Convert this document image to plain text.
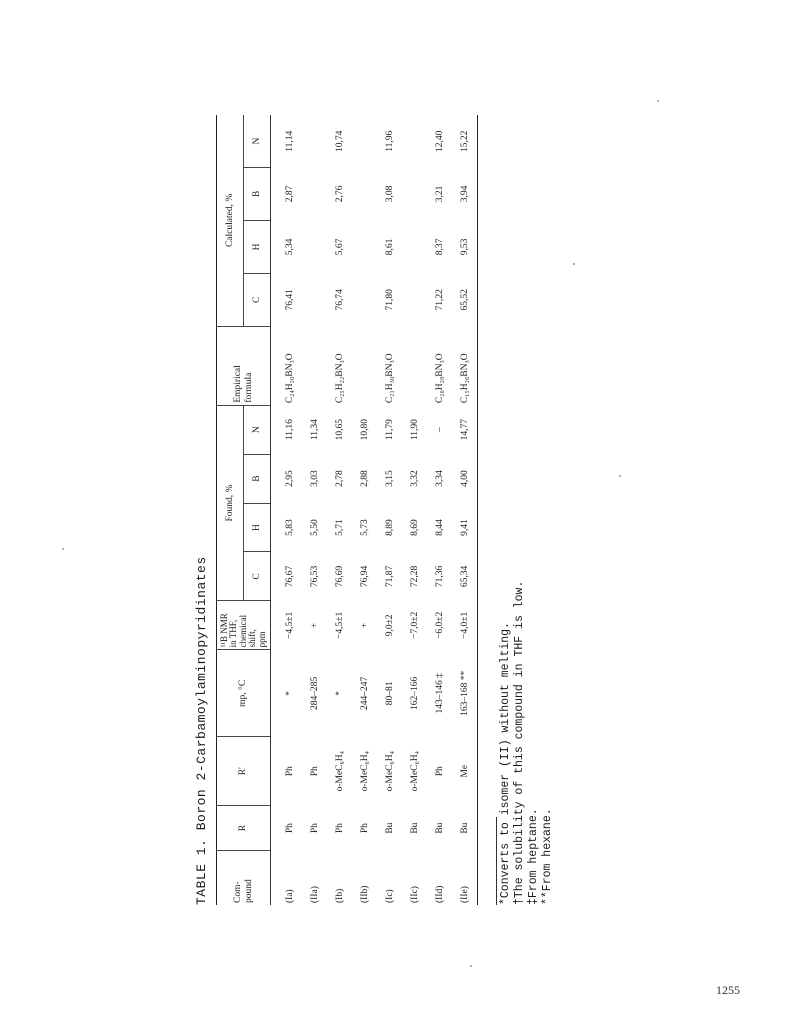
TABLE 1. Boron 2-Carbamoylaminopyridinates Com-
pound	R	R'	mp, °C	¹¹B NMR
in THF,
chemical
shift,
ppm	Found, %				Empirical
formula	Calculated, %			
					C	H	B	N		C	H	B	N
(Ia)	Ph	Ph	*	−4,5±1	76,67	5,83	2,95	11,16	C₂₄H₂₀BN₃O	76,41	5,34	2,87	11,14
(IIa)	Ph	Ph	284–285	+	76,53	5,50	3,03	11,34					
(Ib)	Ph	o-MeC₆H₄	*	−4,5±1	76,69	5,71	2,78	10,65	C₂₅H₂₂BN₃O	76,74	5,67	2,76	10,74
(IIb)	Ph	o-MeC₆H₄	244–247	+	76,94	5,73	2,88	10,80					
(Ic)	Bu	o-MeC₆H₄	80–81	9,0±2	71,87	8,89	3,15	11,79	C₂₁H₃₀BN₃O	71,80	8,61	3,08	11,96
(IIc)	Bu	o-MeC₆H₄	162–166	−7,0±2	72,28	8,69	3,32	11,90					
(IId)	Bu	Ph	143–146 ‡	−6,0±2	71,36	8,44	3,34	–	C₂₀H₂₈BN₃O	71,22	8,37	3,21	12,40
(IIe)	Bu	Me	163–168 **	−4,0±1	65,34	9,41	4,00	14,77	C₁₅H₂₆BN₃O	65,52	9,53	3,94	15,22
*Converts to isomer (II) without melting. †The solubility of this compound in THF is low. ‡From heptane. **From hexane.
1255
